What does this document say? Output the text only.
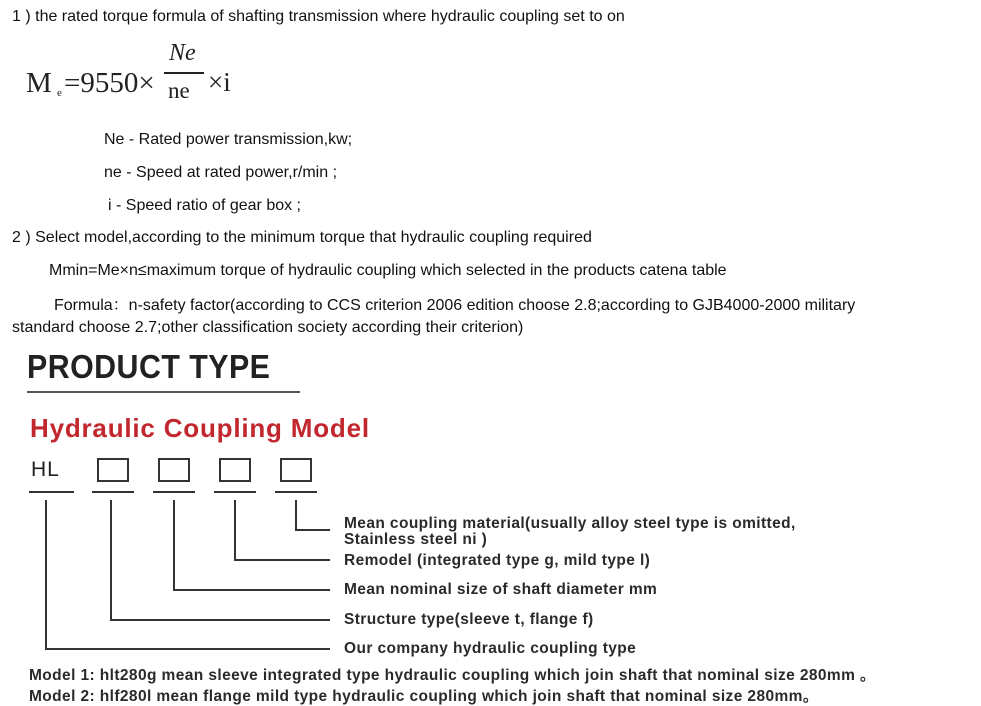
1 ) the rated torque formula of shafting transmission where hydraulic coupling set to on
M e =9550×
Ne
ne ×i
Ne - Rated power transmission,kw;
ne - Speed at rated power,r/min ;
i - Speed ratio of gear box ;
2 ) Select model,according to the minimum torque that hydraulic coupling required
Mmin=Me×n≤maximum torque of hydraulic coupling which selected in the products catena table
Formula：n-safety factor(according to CCS criterion 2006 edition choose 2.8;according to GJB4000-2000 military
standard choose 2.7;other classification society according their criterion)
PRODUCT TYPE
Hydraulic Coupling Model
HL
Mean coupling material(usually alloy steel type is omitted,
Stainless steel ni )
Remodel (integrated type g, mild type l)
Mean nominal size of shaft diameter mm
Structure type(sleeve t, flange f)
Our company hydraulic coupling type
Model 1: hlt280g mean sleeve integrated type hydraulic coupling which join shaft that nominal size 280mm 。
Model 2: hlf280l mean flange mild type hydraulic coupling which join shaft that nominal size 280mm。
